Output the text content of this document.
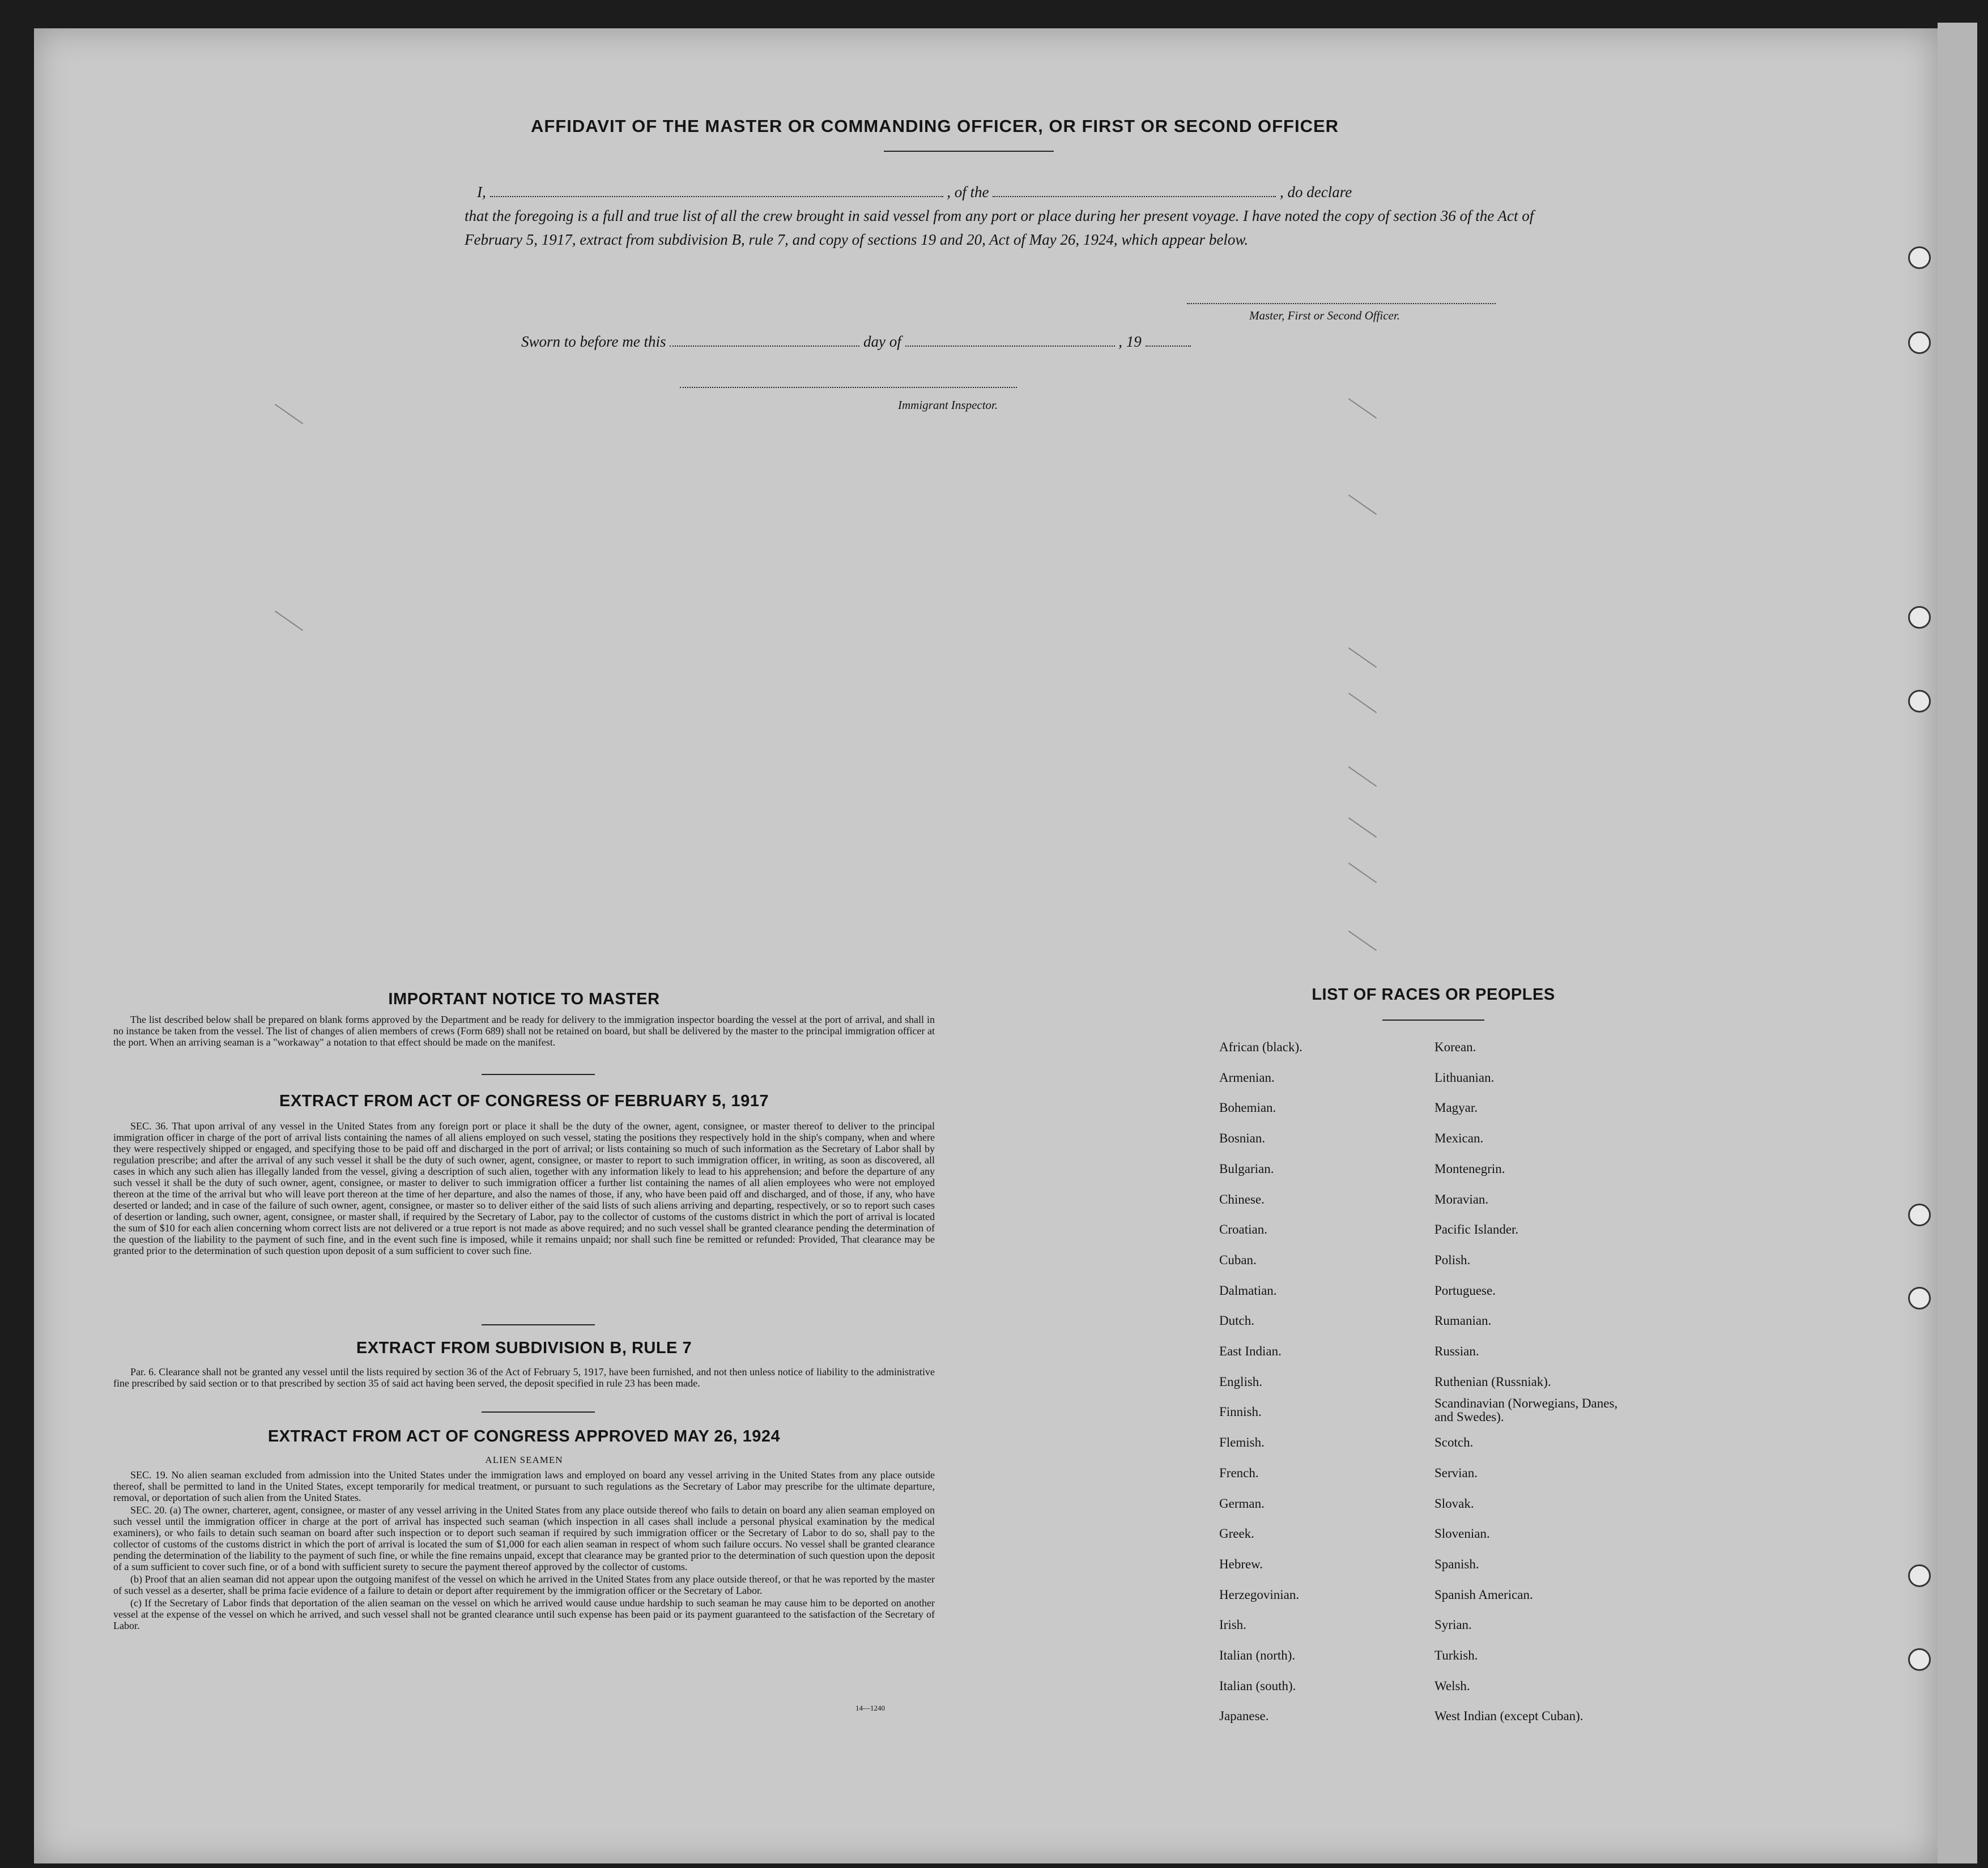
AFFIDAVIT OF THE MASTER OR COMMANDING OFFICER, OR FIRST OR SECOND OFFICER
I,	, of the	, do declare
that the foregoing is a full and true list of all the crew brought in said vessel from any port or place during her present voyage. I have noted the copy of section 36 of the Act of February 5, 1917, extract from subdivision B, rule 7, and copy of sections 19 and 20, Act of May 26, 1924, which appear below.
Master, First or Second Officer.
Sworn to before me this	day of	, 19
Immigrant Inspector.
IMPORTANT NOTICE TO MASTER

The list described below shall be prepared on blank forms approved by the Department and be ready for delivery to the immigration inspector boarding the vessel at the port of arrival, and shall in no instance be taken from the vessel. The list of changes of alien members of crews (Form 689) shall not be retained on board, but shall be delivered by the master to the principal immigration officer at the port. When an arriving seaman is a "workaway" a notation to that effect should be made on the manifest.

EXTRACT FROM ACT OF CONGRESS OF FEBRUARY 5, 1917

SEC. 36. That upon arrival of any vessel in the United States from any foreign port or place it shall be the duty of the owner, agent, consignee, or master thereof to deliver to the principal immigration officer in charge of the port of arrival lists containing the names of all aliens employed on such vessel, stating the positions they respectively hold in the ship's company, when and where they were respectively shipped or engaged, and specifying those to be paid off and discharged in the port of arrival; or lists containing so much of such information as the Secretary of Labor shall by regulation prescribe; and after the arrival of any such vessel it shall be the duty of such owner, agent, consignee, or master to report to such immigration officer, in writing, as soon as discovered, all cases in which any such alien has illegally landed from the vessel, giving a description of such alien, together with any information likely to lead to his apprehension; and before the departure of any such vessel it shall be the duty of such owner, agent, consignee, or master to deliver to such immigration officer a further list containing the names of all alien employees who were not employed thereon at the time of the arrival but who will leave port thereon at the time of her departure, and also the names of those, if any, who have been paid off and discharged, and of those, if any, who have deserted or landed; and in case of the failure of such owner, agent, consignee, or master so to deliver either of the said lists of such aliens arriving and departing, respectively, or so to report such cases of desertion or landing, such owner, agent, consignee, or master shall, if required by the Secretary of Labor, pay to the collector of customs of the customs district in which the port of arrival is located the sum of $10 for each alien concerning whom correct lists are not delivered or a true report is not made as above required; and no such vessel shall be granted clearance pending the determination of the question of the liability to the payment of such fine, and in the event such fine is imposed, while it remains unpaid; nor shall such fine be remitted or refunded: Provided, That clearance may be granted prior to the determination of such question upon deposit of a sum sufficient to cover such fine.

EXTRACT FROM SUBDIVISION B, RULE 7

Par. 6. Clearance shall not be granted any vessel until the lists required by section 36 of the Act of February 5, 1917, have been furnished, and not then unless notice of liability to the administrative fine prescribed by said section or to that prescribed by section 35 of said act having been served, the deposit specified in rule 23 has been made.

EXTRACT FROM ACT OF CONGRESS APPROVED MAY 26, 1924
ALIEN SEAMEN

SEC. 19. No alien seaman excluded from admission into the United States under the immigration laws and employed on board any vessel arriving in the United States from any place outside thereof, shall be permitted to land in the United States, except temporarily for medical treatment, or pursuant to such regulations as the Secretary of Labor may prescribe for the ultimate departure, removal, or deportation of such alien from the United States.

SEC. 20. (a) The owner, charterer, agent, consignee, or master of any vessel arriving in the United States from any place outside thereof who fails to detain on board any alien seaman employed on such vessel until the immigration officer in charge at the port of arrival has inspected such seaman (which inspection in all cases shall include a personal physical examination by the medical examiners), or who fails to detain such seaman on board after such inspection or to deport such seaman if required by such immigration officer or the Secretary of Labor to do so, shall pay to the collector of customs of the customs district in which the port of arrival is located the sum of $1,000 for each alien seaman in respect of whom such failure occurs. No vessel shall be granted clearance pending the determination of the liability to the payment of such fine, or while the fine remains unpaid, except that clearance may be granted prior to the determination of such question upon the deposit of a sum sufficient to cover such fine, or of a bond with sufficient surety to secure the payment thereof approved by the collector of customs.

(b) Proof that an alien seaman did not appear upon the outgoing manifest of the vessel on which he arrived in the United States from any place outside thereof, or that he was reported by the master of such vessel as a deserter, shall be prima facie evidence of a failure to detain or deport after requirement by the immigration officer or the Secretary of Labor.

(c) If the Secretary of Labor finds that deportation of the alien seaman on the vessel on which he arrived would cause undue hardship to such seaman he may cause him to be deported on another vessel at the expense of the vessel on which he arrived, and such vessel shall not be granted clearance until such expense has been paid or its payment guaranteed to the satisfaction of the Secretary of Labor.

14—1240
LIST OF RACES OR PEOPLES
African (black).
Armenian.
Bohemian.
Bosnian.
Bulgarian.
Chinese.
Croatian.
Cuban.
Dalmatian.
Dutch.
East Indian.
English.
Finnish.
Flemish.
French.
German.
Greek.
Hebrew.
Herzegovinian.
Irish.
Italian (north).
Italian (south).
Japanese.
Korean.
Lithuanian.
Magyar.
Mexican.
Montenegrin.
Moravian.
Pacific Islander.
Polish.
Portuguese.
Rumanian.
Russian.
Ruthenian (Russniak).
Scandinavian (Norwegians, Danes, and Swedes).
Scotch.
Servian.
Slovak.
Slovenian.
Spanish.
Spanish American.
Syrian.
Turkish.
Welsh.
West Indian (except Cuban).
